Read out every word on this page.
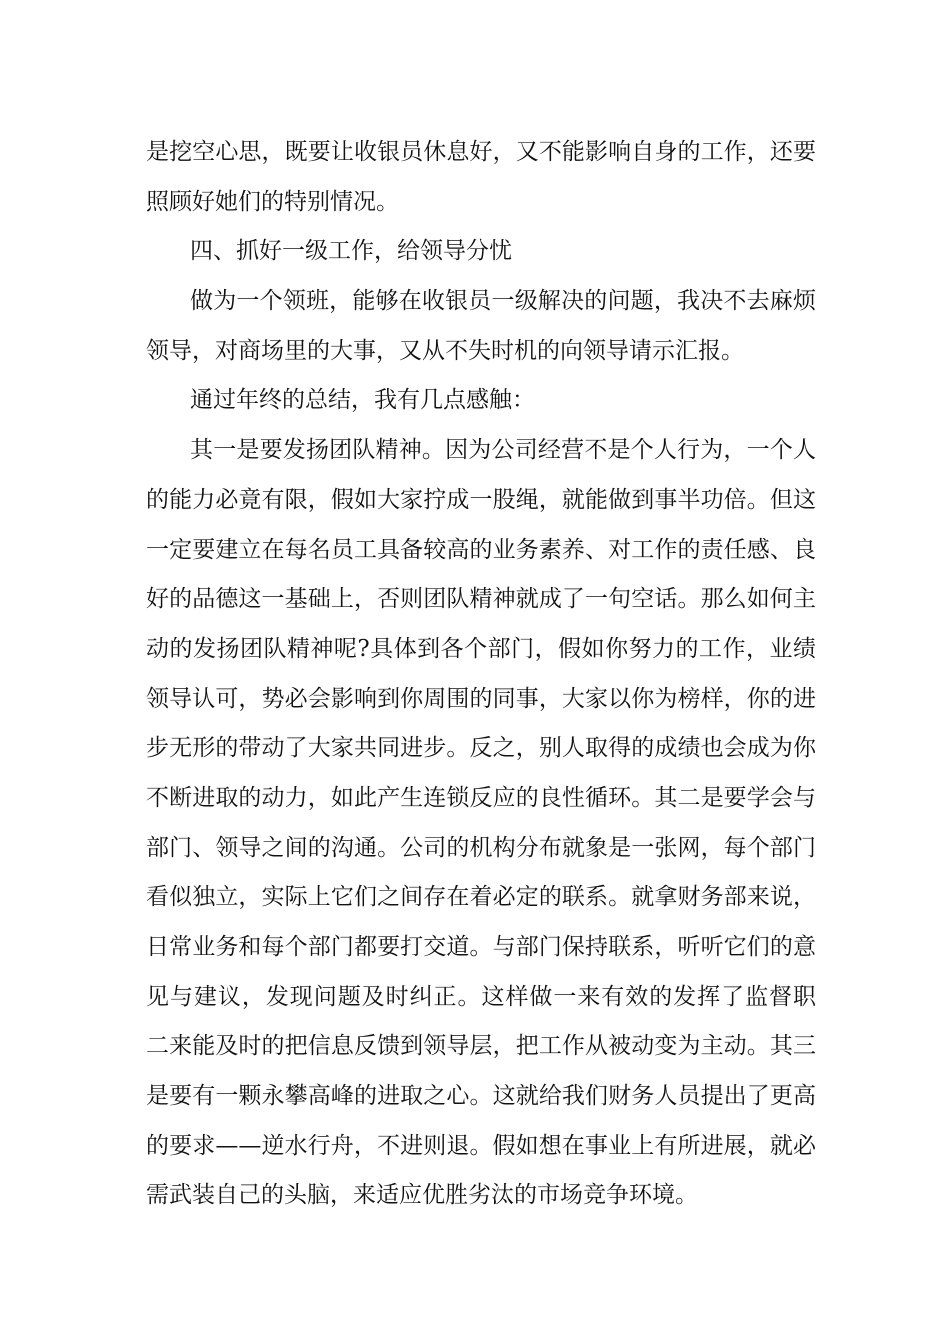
是挖空心思，既要让收银员休息好，又不能影响自身的工作，还要
照顾好她们的特别情况。
四、抓好一级工作，给领导分忧
做为一个领班，能够在收银员一级解决的问题，我决不去麻烦
领导，对商场里的大事，又从不失时机的向领导请示汇报。
通过年终的总结，我有几点感触：
其一是要发扬团队精神。因为公司经营不是个人行为，一个人
的能力必竟有限，假如大家拧成一股绳，就能做到事半功倍。但这
一定要建立在每名员工具备较高的业务素养、对工作的责任感、良
好的品德这一基础上，否则团队精神就成了一句空话。那么如何主
动的发扬团队精神呢?具体到各个部门，假如你努力的工作，业绩
领导认可，势必会影响到你周围的同事，大家以你为榜样，你的进
步无形的带动了大家共同进步。反之，别人取得的成绩也会成为你
不断进取的动力，如此产生连锁反应的良性循环。其二是要学会与
部门、领导之间的沟通。公司的机构分布就象是一张网，每个部门
看似独立，实际上它们之间存在着必定的联系。就拿财务部来说，
日常业务和每个部门都要打交道。与部门保持联系，听听它们的意
见与建议，发现问题及时纠正。这样做一来有效的发挥了监督职
二来能及时的把信息反馈到领导层，把工作从被动变为主动。其三
是要有一颗永攀高峰的进取之心。这就给我们财务人员提出了更高
的要求——逆水行舟，不进则退。假如想在事业上有所进展，就必
需武装自己的头脑，来适应优胜劣汰的市场竞争环境。
